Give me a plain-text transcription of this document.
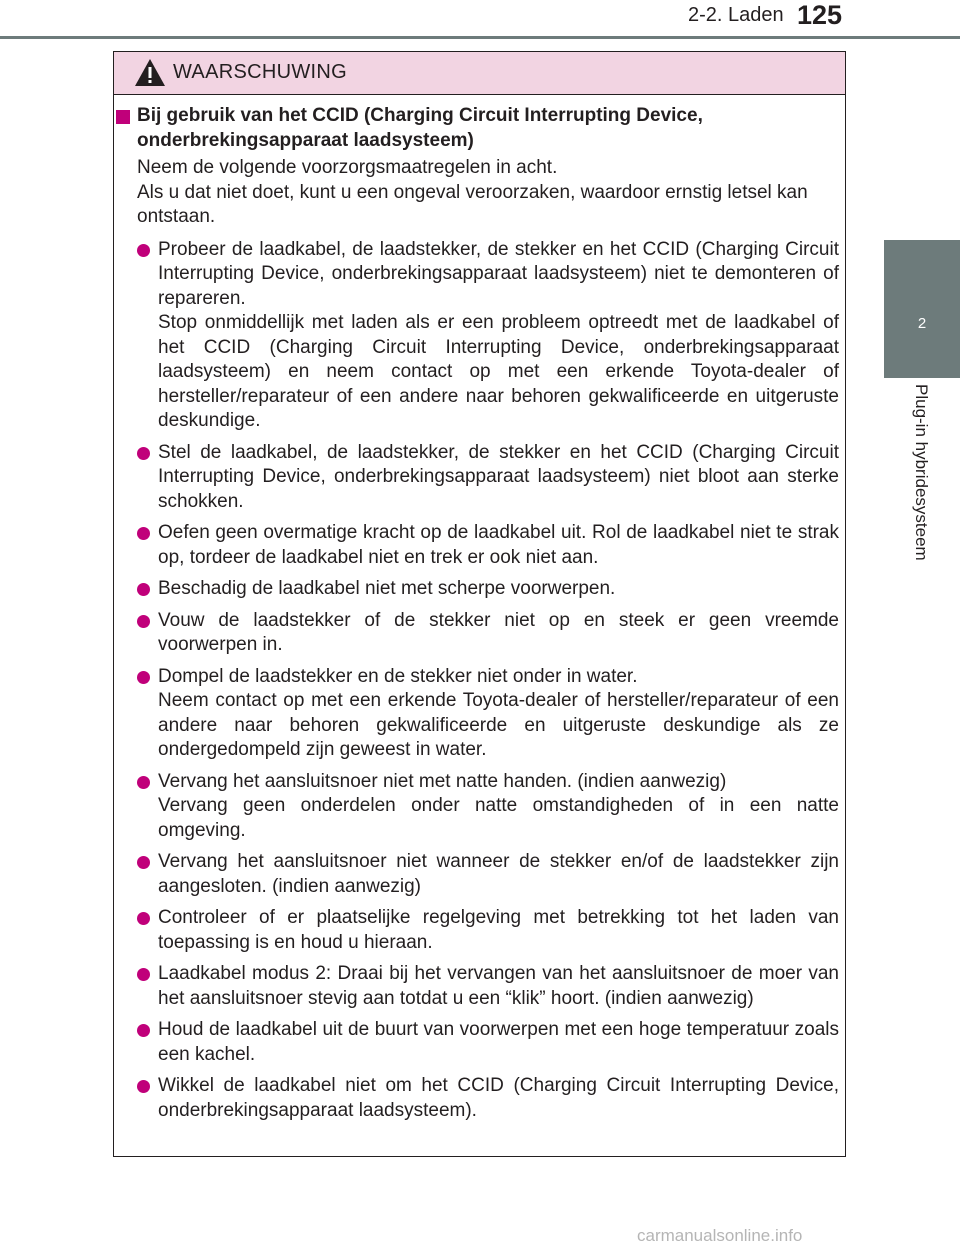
2-2. Laden 125
2
Plug-in hybridesysteem
WAARSCHUWING
Bij gebruik van het CCID (Charging Circuit Interrupting Device, onderbrekingsapparaat laadsysteem)
Neem de volgende voorzorgsmaatregelen in acht.
Als u dat niet doet, kunt u een ongeval veroorzaken, waardoor ernstig letsel kan ontstaan.
Probeer de laadkabel, de laadstekker, de stekker en het CCID (Charging Circuit Interrupting Device, onderbrekingsapparaat laadsysteem) niet te demonteren of repareren.
Stop onmiddellijk met laden als er een probleem optreedt met de laadkabel of het CCID (Charging Circuit Interrupting Device, onderbrekingsapparaat laadsysteem) en neem contact op met een erkende Toyota-dealer of hersteller/reparateur of een andere naar behoren gekwalificeerde en uitgeruste deskundige.
Stel de laadkabel, de laadstekker, de stekker en het CCID (Charging Circuit Interrupting Device, onderbrekingsapparaat laadsysteem) niet bloot aan sterke schokken.
Oefen geen overmatige kracht op de laadkabel uit. Rol de laadkabel niet te strak op, tordeer de laadkabel niet en trek er ook niet aan.
Beschadig de laadkabel niet met scherpe voorwerpen.
Vouw de laadstekker of de stekker niet op en steek er geen vreemde voorwerpen in.
Dompel de laadstekker en de stekker niet onder in water.
Neem contact op met een erkende Toyota-dealer of hersteller/reparateur of een andere naar behoren gekwalificeerde en uitgeruste deskundige als ze ondergedompeld zijn geweest in water.
Vervang het aansluitsnoer niet met natte handen. (indien aanwezig)
Vervang geen onderdelen onder natte omstandigheden of in een natte omgeving.
Vervang het aansluitsnoer niet wanneer de stekker en/of de laadstekker zijn aangesloten. (indien aanwezig)
Controleer of er plaatselijke regelgeving met betrekking tot het laden van toepassing is en houd u hieraan.
Laadkabel modus 2: Draai bij het vervangen van het aansluitsnoer de moer van het aansluitsnoer stevig aan totdat u een “klik” hoort. (indien aanwezig)
Houd de laadkabel uit de buurt van voorwerpen met een hoge temperatuur zoals een kachel.
Wikkel de laadkabel niet om het CCID (Charging Circuit Interrupting Device, onderbrekingsapparaat laadsysteem).
carmanualsonline.info
